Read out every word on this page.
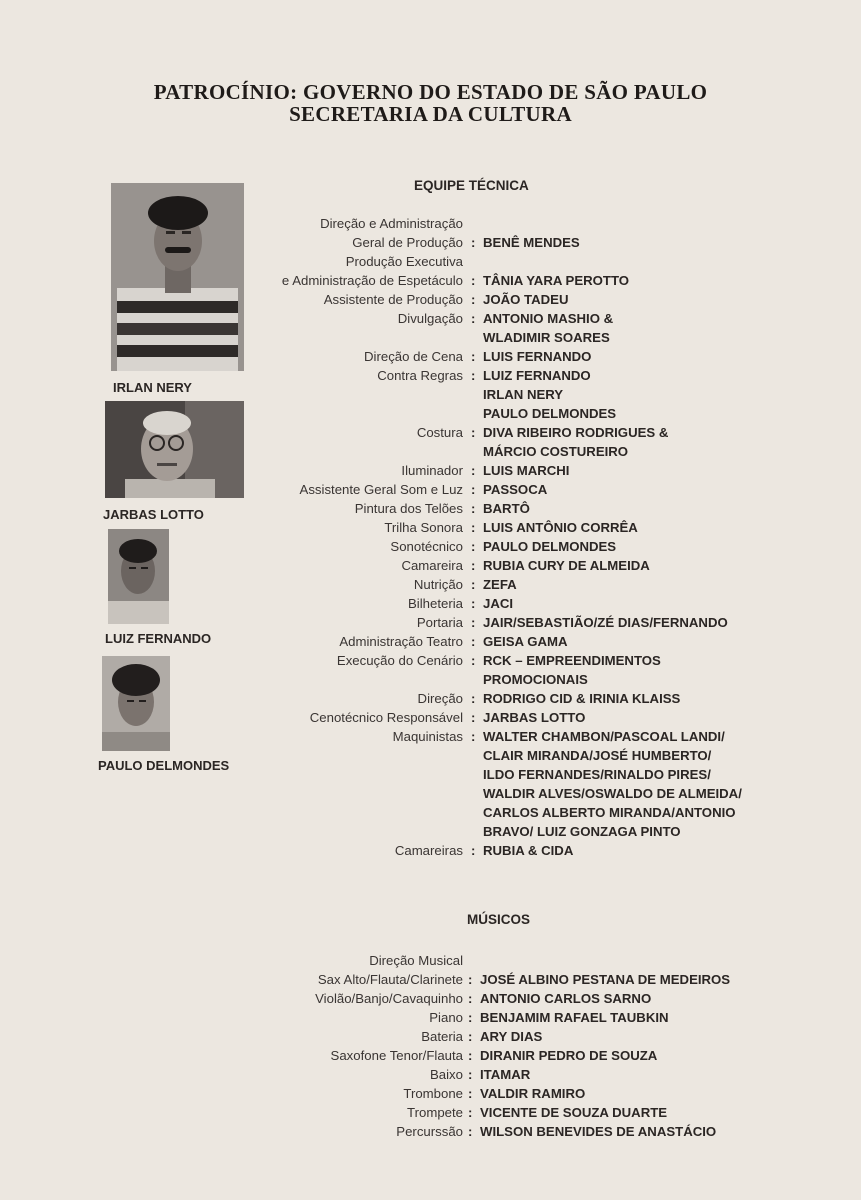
PATROCÍNIO: GOVERNO DO ESTADO DE SÃO PAULO
SECRETARIA DA CULTURA
IRLAN NERY
JARBAS LOTTO
LUIZ FERNANDO
PAULO DELMONDES
EQUIPE TÉCNICA
Direção e Administração
Geral de Produção : BENÊ MENDES
Produção Executiva
e Administração de Espetáculo : TÂNIA YARA PEROTTO
Assistente de Produção : JOÃO TADEU
Divulgação : ANTONIO MASHIO &
WLADIMIR SOARES
Direção de Cena : LUIS FERNANDO
Contra Regras : LUIZ FERNANDO
IRLAN NERY
PAULO DELMONDES
Costura : DIVA RIBEIRO RODRIGUES &
MÁRCIO COSTUREIRO
Iluminador : LUIS MARCHI
Assistente Geral Som e Luz : PASSOCA
Pintura dos Telões : BARTÔ
Trilha Sonora : LUIS ANTÔNIO CORRÊA
Sonotécnico : PAULO DELMONDES
Camareira : RUBIA CURY DE ALMEIDA
Nutrição : ZEFA
Bilheteria : JACI
Portaria : JAIR/SEBASTIÃO/ZÉ DIAS/FERNANDO
Administração Teatro : GEISA GAMA
Execução do Cenário : RCK – EMPREENDIMENTOS
PROMOCIONAIS
Direção : RODRIGO CID & IRINIA KLAISS
Cenotécnico Responsável : JARBAS LOTTO
Maquinistas : WALTER CHAMBON/PASCOAL LANDI/
CLAIR MIRANDA/JOSÉ HUMBERTO/
ILDO FERNANDES/RINALDO PIRES/
WALDIR ALVES/OSWALDO DE ALMEIDA/
CARLOS ALBERTO MIRANDA/ANTONIO
BRAVO/ LUIZ GONZAGA PINTO
Camareiras : RUBIA & CIDA
MÚSICOS
Direção Musical
Sax Alto/Flauta/Clarinete : JOSÉ ALBINO PESTANA DE MEDEIROS
Violão/Banjo/Cavaquinho : ANTONIO CARLOS SARNO
Piano : BENJAMIM RAFAEL TAUBKIN
Bateria : ARY DIAS
Saxofone Tenor/Flauta : DIRANIR PEDRO DE SOUZA
Baixo : ITAMAR
Trombone : VALDIR RAMIRO
Trompete : VICENTE DE SOUZA DUARTE
Percurssão : WILSON BENEVIDES DE ANASTÁCIO
